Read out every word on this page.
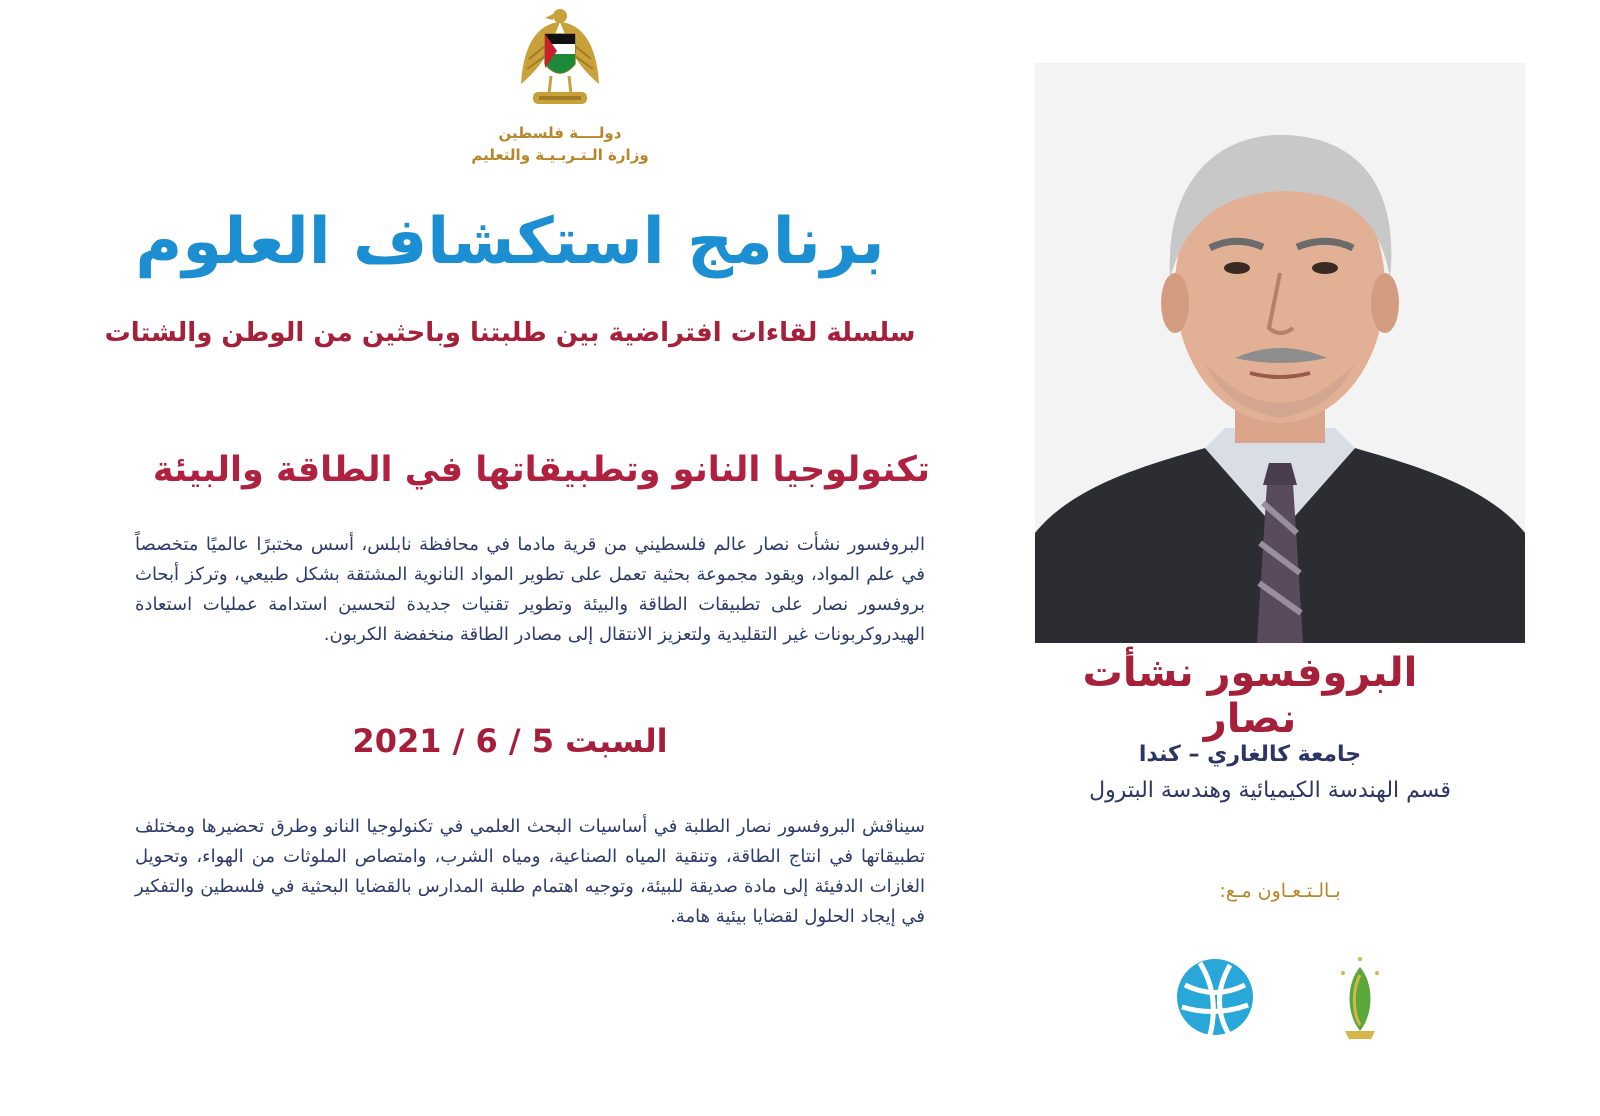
دولــــة فلسطين
وزارة الـتـربـيـة والتعليم
برنامج استكشاف العلوم
سلسلة لقاءات افتراضية بين طلبتنا وباحثين من الوطن والشتات
تكنولوجيا النانو وتطبيقاتها في الطاقة والبيئة
البروفسور نشأت نصار عالم فلسطيني من قرية مادما في محافظة نابلس، أسس مختبرًا عالميًا متخصصاً في علم المواد، ويقود مجموعة بحثية تعمل على تطوير المواد النانوية المشتقة بشكل طبيعي، وتركز أبحاث بروفسور نصار على تطبيقات الطاقة والبيئة وتطوير تقنيات جديدة لتحسين استدامة عمليات استعادة الهيدروكربونات غير التقليدية ولتعزيز الانتقال إلى مصادر الطاقة منخفضة الكربون.
السبت 5 / 6 / 2021
سيناقش البروفسور نصار الطلبة في أساسيات البحث العلمي في تكنولوجيا النانو وطرق تحضيرها ومختلف تطبيقاتها في انتاج الطاقة، وتنقية المياه الصناعية، ومياه الشرب، وامتصاص الملوثات من الهواء، وتحويل الغازات الدفيئة إلى مادة صديقة للبيئة، وتوجيه اهتمام طلبة المدارس بالقضايا البحثية في فلسطين والتفكير في إيجاد الحلول لقضايا بيئية هامة.
البروفسور نشأت نصار
جامعة كالغاري – كندا
قسم الهندسة الكيميائية وهندسة البترول
بـالـتـعـاون مـع:
